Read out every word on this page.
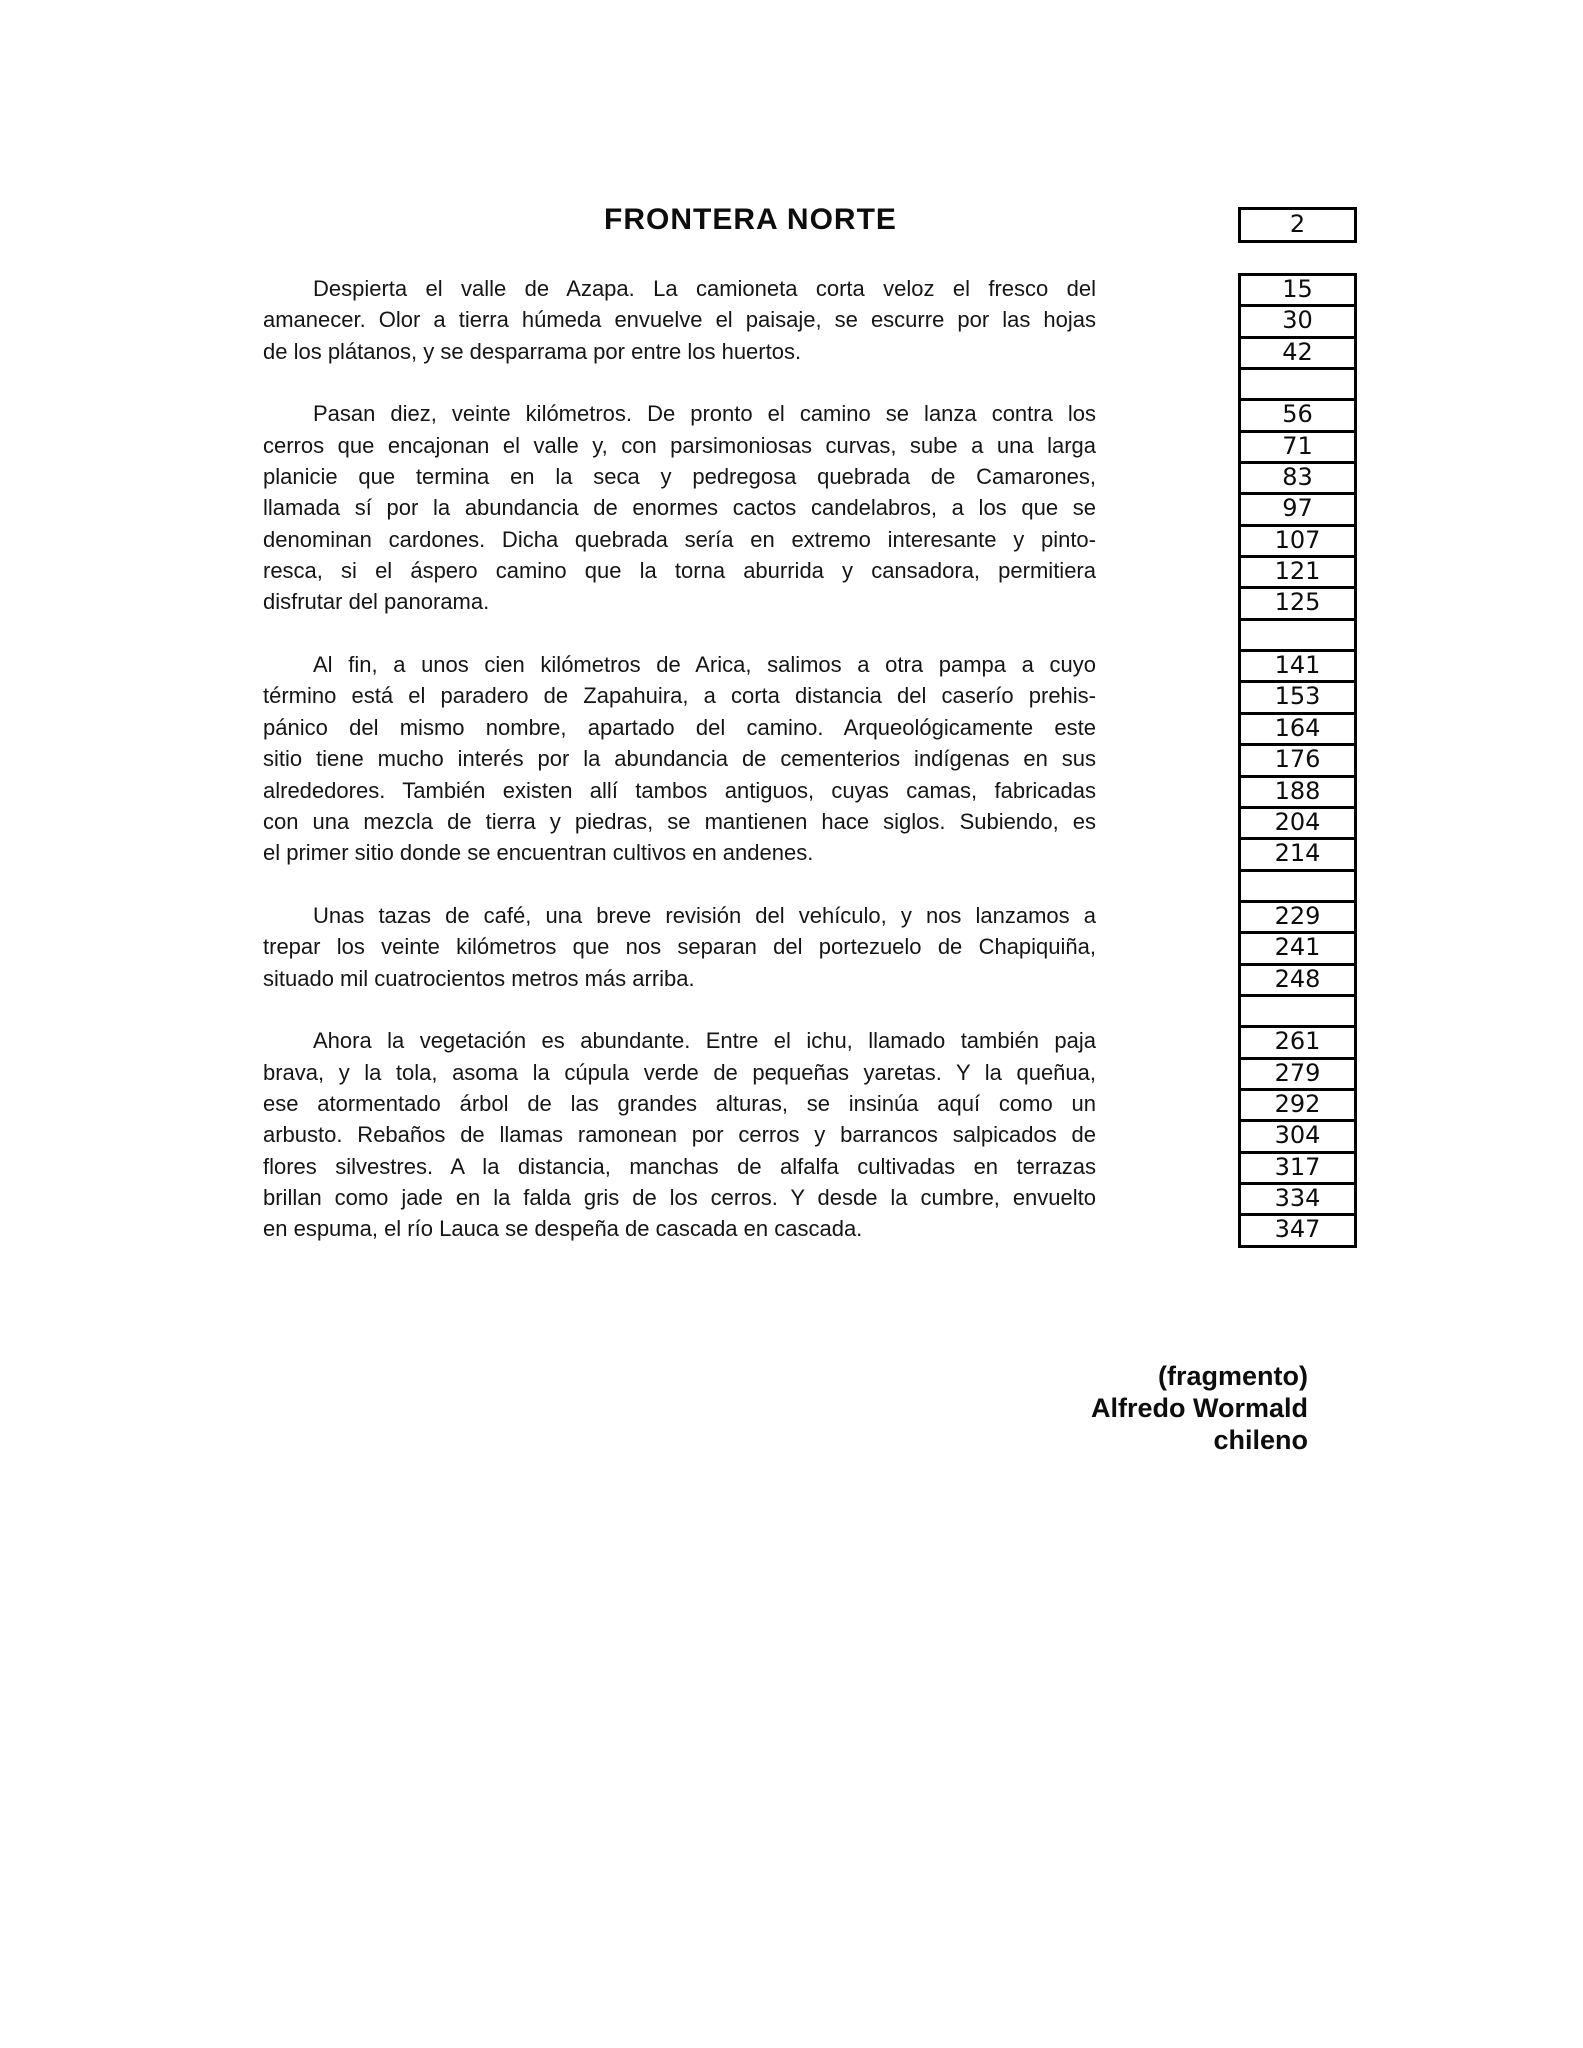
FRONTERA NORTE	2
Despierta el valle de Azapa. La camioneta corta veloz el fresco del
amanecer. Olor a tierra húmeda envuelve el paisaje, se escurre por las hojas
de los plátanos, y se desparrama por entre los huertos.
Pasan diez, veinte kilómetros. De pronto el camino se lanza contra los
cerros que encajonan el valle y, con parsimoniosas curvas, sube a una larga
planicie que termina en la seca y pedregosa quebrada de Camarones,
llamada sí por la abundancia de enormes cactos candelabros, a los que se
denominan cardones. Dicha quebrada sería en extremo interesante y pinto-
resca, si el áspero camino que la torna aburrida y cansadora, permitiera
disfrutar del panorama.
Al fin, a unos cien kilómetros de Arica, salimos a otra pampa a cuyo
término está el paradero de Zapahuira, a corta distancia del caserío prehis-
pánico del mismo nombre, apartado del camino. Arqueológicamente este
sitio tiene mucho interés por la abundancia de cementerios indígenas en sus
alrededores. También existen allí tambos antiguos, cuyas camas, fabricadas
con una mezcla de tierra y piedras, se mantienen hace siglos. Subiendo, es
el primer sitio donde se encuentran cultivos en andenes.
Unas tazas de café, una breve revisión del vehículo, y nos lanzamos a
trepar los veinte kilómetros que nos separan del portezuelo de Chapiquiña,
situado mil cuatrocientos metros más arriba.
Ahora la vegetación es abundante. Entre el ichu, llamado también paja
brava, y la tola, asoma la cúpula verde de pequeñas yaretas. Y la queñua,
ese atormentado árbol de las grandes alturas, se insinúa aquí como un
arbusto. Rebaños de llamas ramonean por cerros y barrancos salpicados de
flores silvestres. A la distancia, manchas de alfalfa cultivadas en terrazas
brillan como jade en la falda gris de los cerros. Y desde la cumbre, envuelto
en espuma, el río Lauca se despeña de cascada en cascada.
15
30
42
56
71
83
97
107
121
125
141
153
164
176
188
204
214
229
241
248
261
279
292
304
317
334
347
(fragmento)
Alfredo Wormald
chileno
